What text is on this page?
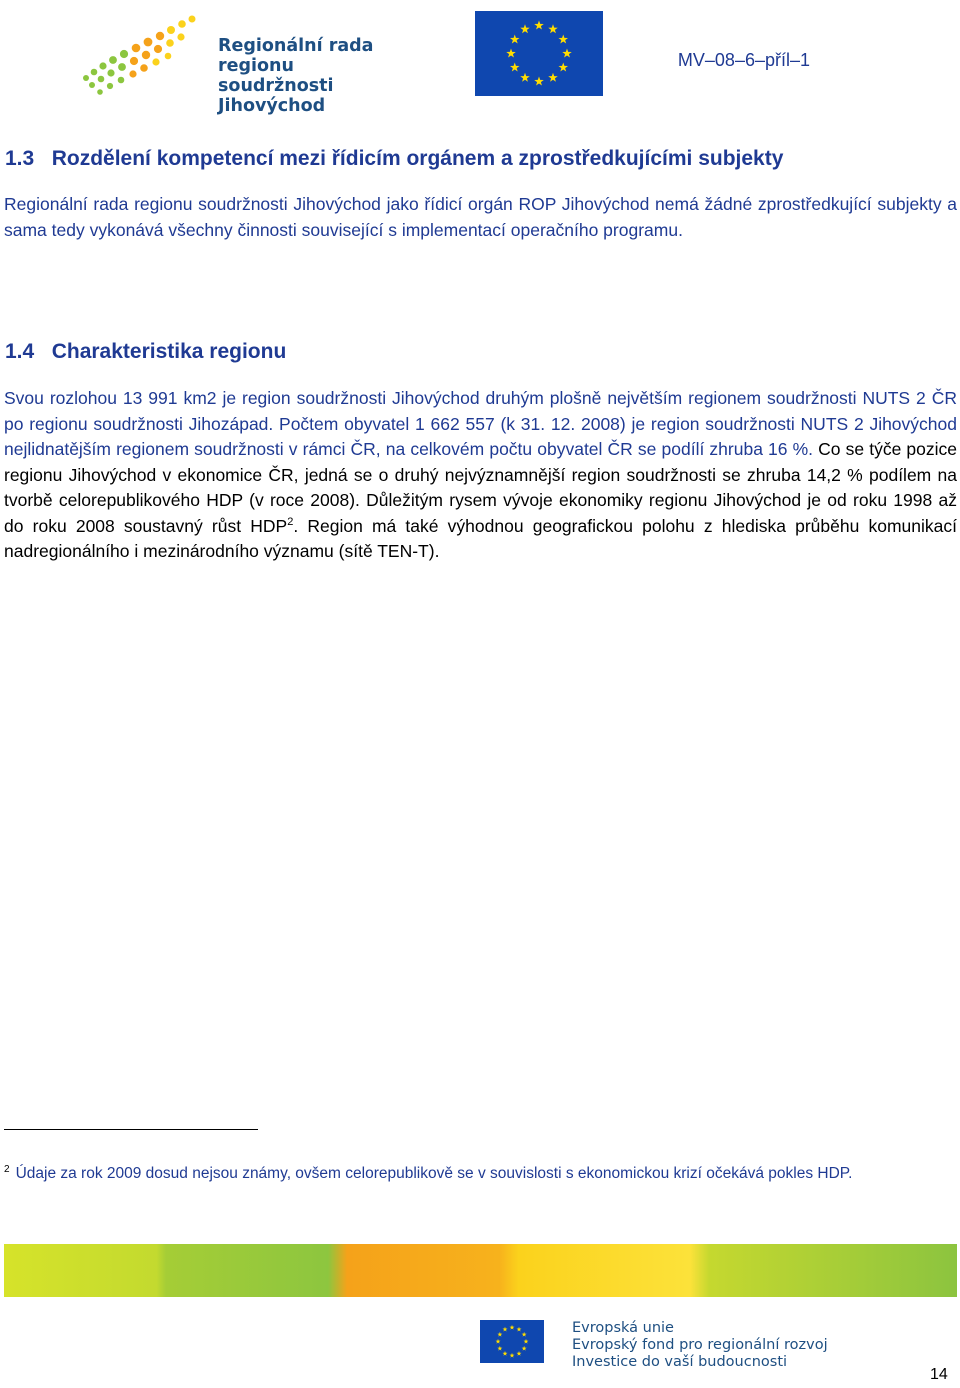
Regionální rada
regionu soudržnosti
Jihovýchod
MV–08–6–příl–1
1.3   Rozdělení kompetencí mezi řídicím orgánem a zprostředkujícími subjekty
Regionální rada regionu soudržnosti Jihovýchod jako řídicí orgán ROP Jihovýchod nemá žádné zprostředkující subjekty a sama tedy vykonává všechny činnosti související s implementací operačního programu.
1.4   Charakteristika regionu
Svou rozlohou 13 991 km2 je region soudržnosti Jihovýchod druhým plošně největším regionem soudržnosti NUTS 2 ČR po regionu soudržnosti Jihozápad. Počtem obyvatel 1 662 557 (k 31. 12. 2008) je region soudržnosti NUTS 2 Jihovýchod nejlidnatějším regionem soudržnosti v rámci ČR, na celkovém počtu obyvatel ČR se podílí zhruba 16 %. Co se týče pozice regionu Jihovýchod v ekonomice ČR, jedná se o druhý nejvýznamnější region soudržnosti se zhruba 14,2 % podílem na tvorbě celorepublikového HDP (v roce 2008). Důležitým rysem vývoje ekonomiky regionu Jihovýchod je od roku 1998 až do roku 2008 soustavný růst HDP$^2$. Region má také výhodnou geografickou polohu z hlediska průběhu komunikací nadregionálního i mezinárodního významu (sítě TEN-T).
$^2$ Údaje za rok 2009 dosud nejsou známy, ovšem celorepublikově se v souvislosti s ekonomickou krizí očekává pokles HDP.
Evropská unie
Evropský fond pro regionální rozvoj
Investice do vaší budoucnosti
14
